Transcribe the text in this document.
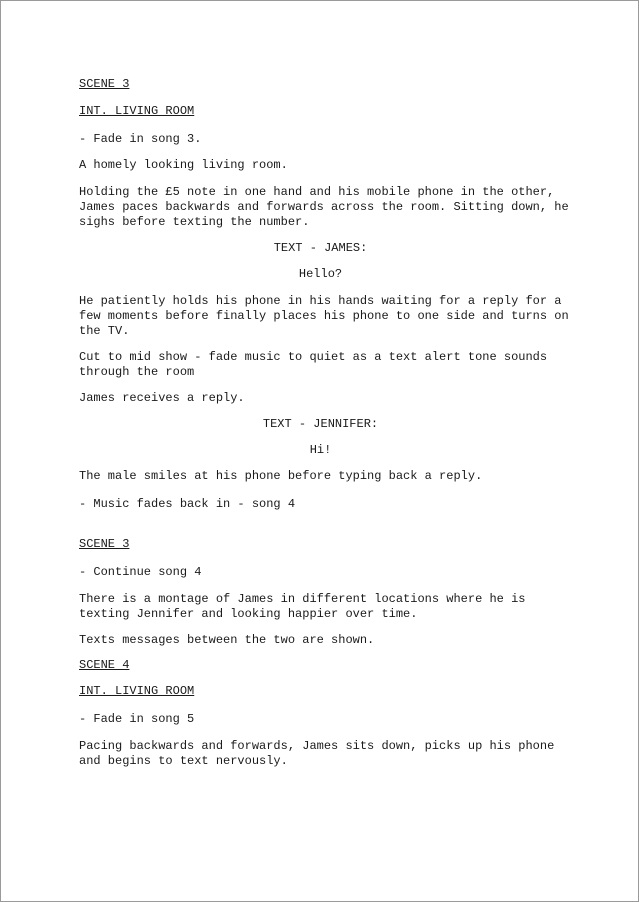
SCENE 3

INT. LIVING ROOM

- Fade in song 3.

A homely looking living room.

Holding the £5 note in one hand and his mobile phone in the other,

James paces backwards and forwards across the room. Sitting down, he

sighs before texting the number.

TEXT - JAMES:

Hello?

He patiently holds his phone in his hands waiting for a reply for a

few moments before finally places his phone to one side and turns on

the TV.

Cut to mid show - fade music to quiet as a text alert tone sounds

through the room

James receives a reply.

TEXT - JENNIFER:

Hi!

The male smiles at his phone before typing back a reply.

- Music fades back in - song 4

SCENE 3

- Continue song 4

There is a montage of James in different locations where he is

texting Jennifer and looking happier over time.

Texts messages between the two are shown.

SCENE 4

INT. LIVING ROOM

- Fade in song 5

Pacing backwards and forwards, James sits down, picks up his phone

and begins to text nervously.
